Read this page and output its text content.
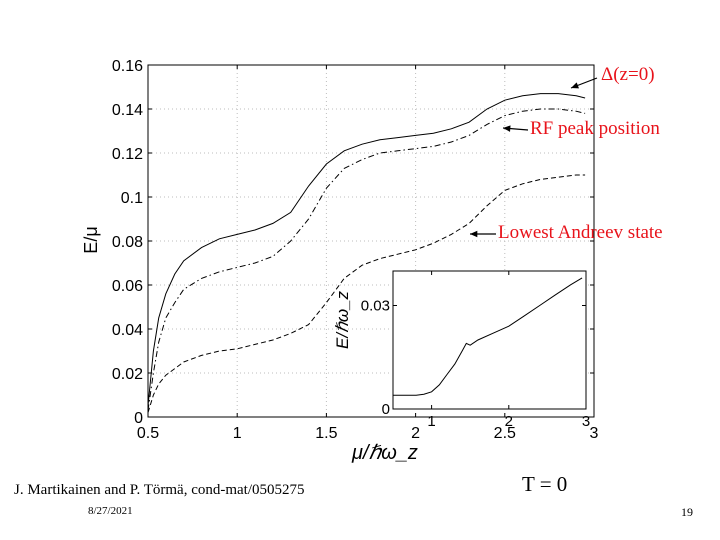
0.5	1	1.5	2	2.5	3
0
0.02
0.04
0.06
0.08
0.1
0.12
0.14
0.16
μ/ℏω_z
E/μ
1	2	3
0
0.03
E/ℏω_z
Δ(z=0)
RF peak position
Lowest Andreev state
J. Martikainen and P. Törmä, cond-mat/0505275	T = 0
8/27/2021	19
